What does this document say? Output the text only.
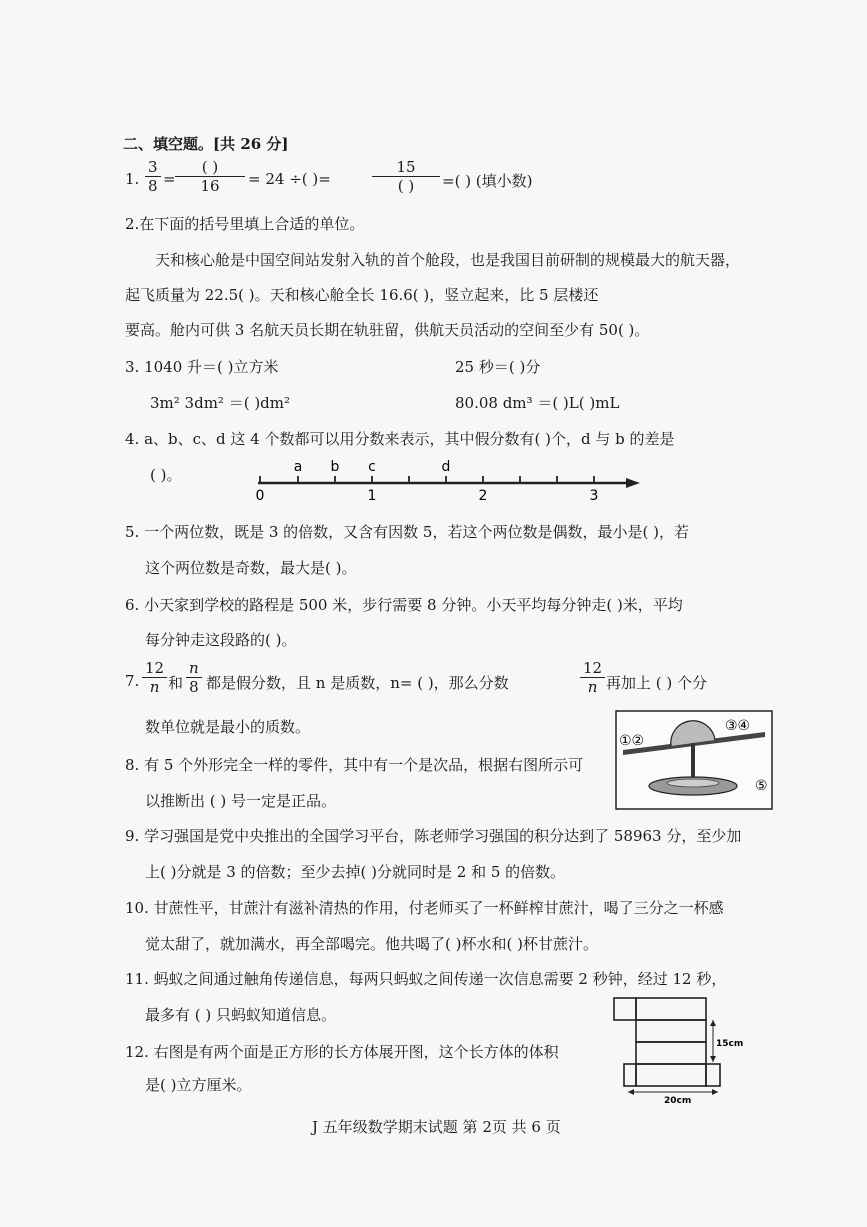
二、填空题。[共 26 分]
1. $\frac{3}{8}$ =
( )
16	= 24 ÷( )=
15
( )	=( ) (填小数)
2.在下面的括号里填上合适的单位。
天和核心舱是中国空间站发射入轨的首个舱段，也是我国目前研制的规模最大的航天器，
起飞质量为 22.5( )。天和核心舱全长 16.6( )，竖立起来，比 5 层楼还
要高。舱内可供 3 名航天员长期在轨驻留，供航天员活动的空间至少有 50( )。
3. 1040 升＝( )立方米	25 秒＝( )分
3m² 3dm² ＝( )dm²	80.08 dm³ ＝( )L( )mL
4. a、b、c、d 这 4 个数都可以用分数来表示，其中假分数有( )个，d 与 b 的差是
( )。	a b c	d
0	1	2	3
5. 一个两位数，既是 3 的倍数，又含有因数 5，若这个两位数是偶数，最小是( )，若
这个两位数是奇数，最大是( )。
6. 小天家到学校的路程是 500 米，步行需要 8 分钟。小天平均每分钟走( )米，平均
每分钟走这段路的( )。
7. $\frac{12}{n}$ 和 $\frac{n}{8}$ 都是假分数，且 n 是质数，n= ( )，那么分数	$\frac{12}{n}$ 再加上 ( ) 个分
数单位就是最小的质数。
8. 有 5 个外形完全一样的零件，其中有一个是次品，根据右图所示可
以推断出 ( ) 号一定是正品。
①②
③④
⑤
9. 学习强国是党中央推出的全国学习平台，陈老师学习强国的积分达到了 58963 分，至少加
上( )分就是 3 的倍数；至少去掉( )分就同时是 2 和 5 的倍数。
10. 甘蔗性平，甘蔗汁有滋补清热的作用，付老师买了一杯鲜榨甘蔗汁，喝了三分之一杯感
觉太甜了，就加满水，再全部喝完。他共喝了( )杯水和( )杯甘蔗汁。
11. 蚂蚁之间通过触角传递信息，每两只蚂蚁之间传递一次信息需要 2 秒钟，经过 12 秒，
最多有 ( ) 只蚂蚁知道信息。
12. 右图是有两个面是正方形的长方体展开图，这个长方体的体积
是( )立方厘米。
15cm
20cm
J 五年级数学期末试题 第 2页 共 6 页
